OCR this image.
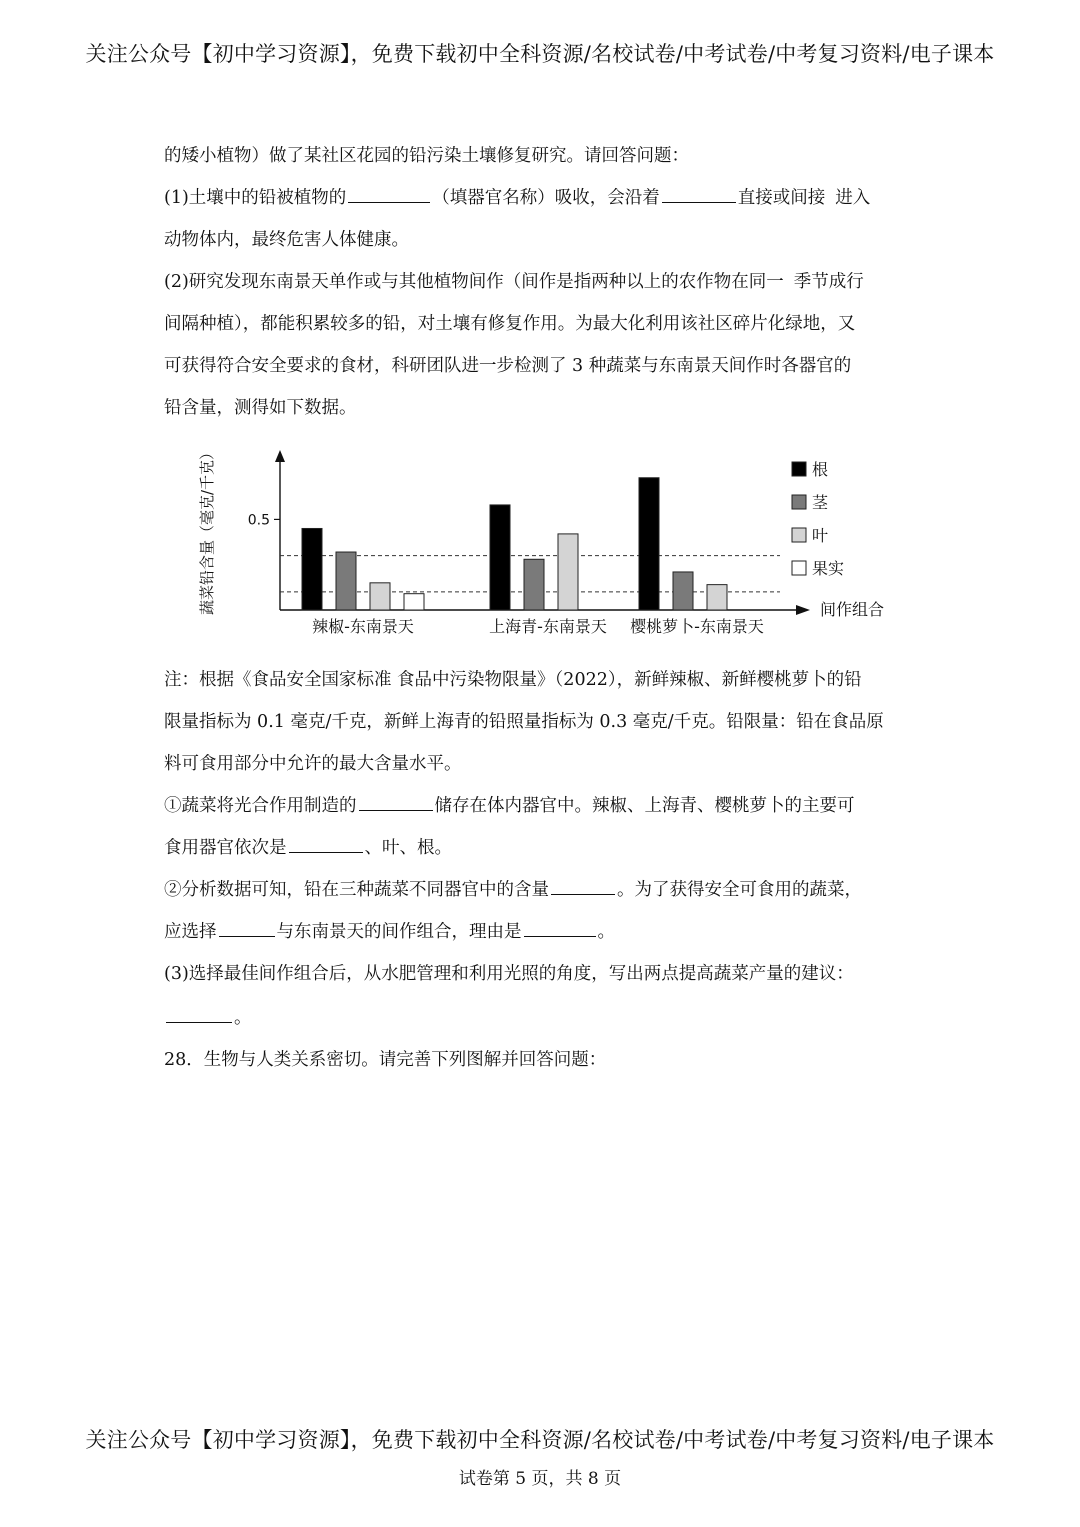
关注公众号【初中学习资源】，免费下载初中全科资源/名校试卷/中考试卷/中考复习资料/电子课本
的矮小植物）做了某社区花园的铅污染土壤修复研究。请回答问题：
(1)土壤中的铅被植物的	（填器官名称）吸收，会沿着	直接或间接 进入
动物体内，最终危害人体健康。
(2)研究发现东南景天单作或与其他植物间作（间作是指两种以上的农作物在同一 季节成行
间隔种植），都能积累较多的铅，对土壤有修复作用。为最大化利用该社区碎片化绿地，又
可获得符合安全要求的食材，科研团队进一步检测了 3 种蔬菜与东南景天间作时各器官的
铅含量，测得如下数据。
0.5
蔬菜铅含量（毫克/千克）
辣椒-东南景天	上海青-东南景天 樱桃萝卜-东南景天
根
茎
叶
果实
间作组合
注：根据《食品安全国家标准 食品中污染物限量》（2022），新鲜辣椒、新鲜樱桃萝卜的铅
限量指标为 0.1 毫克/千克，新鲜上海青的铅照量指标为 0.3 毫克/千克。铅限量：铅在食品原
料可食用部分中允许的最大含量水平。
①蔬菜将光合作用制造的	储存在体内器官中。辣椒、上海青、樱桃萝卜的主要可
食用器官依次是	、叶、根。
②分析数据可知，铅在三种蔬菜不同器官中的含量	。为了获得安全可食用的蔬菜，
应选择	与东南景天的间作组合，理由是	。
(3)选择最佳间作组合后，从水肥管理和利用光照的角度，写出两点提高蔬菜产量的建议：
。
28．生物与人类关系密切。请完善下列图解并回答问题：
关注公众号【初中学习资源】，免费下载初中全科资源/名校试卷/中考试卷/中考复习资料/电子课本
试卷第 5 页，共 8 页
